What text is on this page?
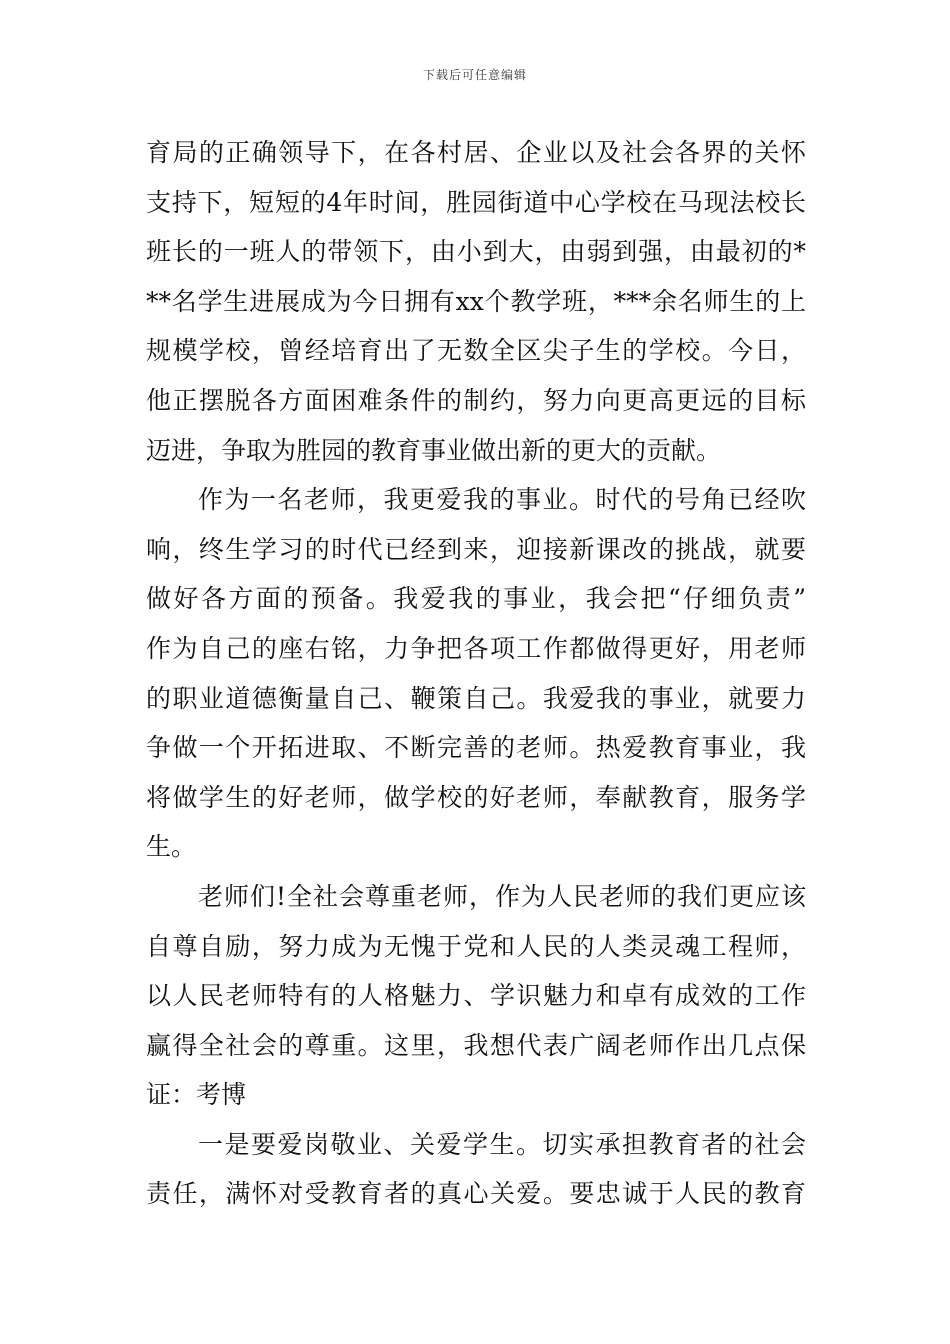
下载后可任意编辑
育局的正确领导下，在各村居、企业以及社会各界的关怀
支持下，短短的4年时间，胜园街道中心学校在马现法校长
班长的一班人的带领下，由小到大，由弱到强，由最初的*
**名学生进展成为今日拥有xx个教学班，***余名师生的上
规模学校，曾经培育出了无数全区尖子生的学校。今日，
他正摆脱各方面困难条件的制约，努力向更高更远的目标
迈进，争取为胜园的教育事业做出新的更大的贡献。
作为一名老师，我更爱我的事业。时代的号角已经吹
响，终生学习的时代已经到来，迎接新课改的挑战，就要
做好各方面的预备。我爱我的事业，我会把“仔细负责”
作为自己的座右铭，力争把各项工作都做得更好，用老师
的职业道德衡量自己、鞭策自己。我爱我的事业，就要力
争做一个开拓进取、不断完善的老师。热爱教育事业，我
将做学生的好老师，做学校的好老师，奉献教育，服务学
生。
老师们!全社会尊重老师，作为人民老师的我们更应该
自尊自励，努力成为无愧于党和人民的人类灵魂工程师，
以人民老师特有的人格魅力、学识魅力和卓有成效的工作
赢得全社会的尊重。这里，我想代表广阔老师作出几点保
证：考博
一是要爱岗敬业、关爱学生。切实承担教育者的社会
责任，满怀对受教育者的真心关爱。要忠诚于人民的教育
